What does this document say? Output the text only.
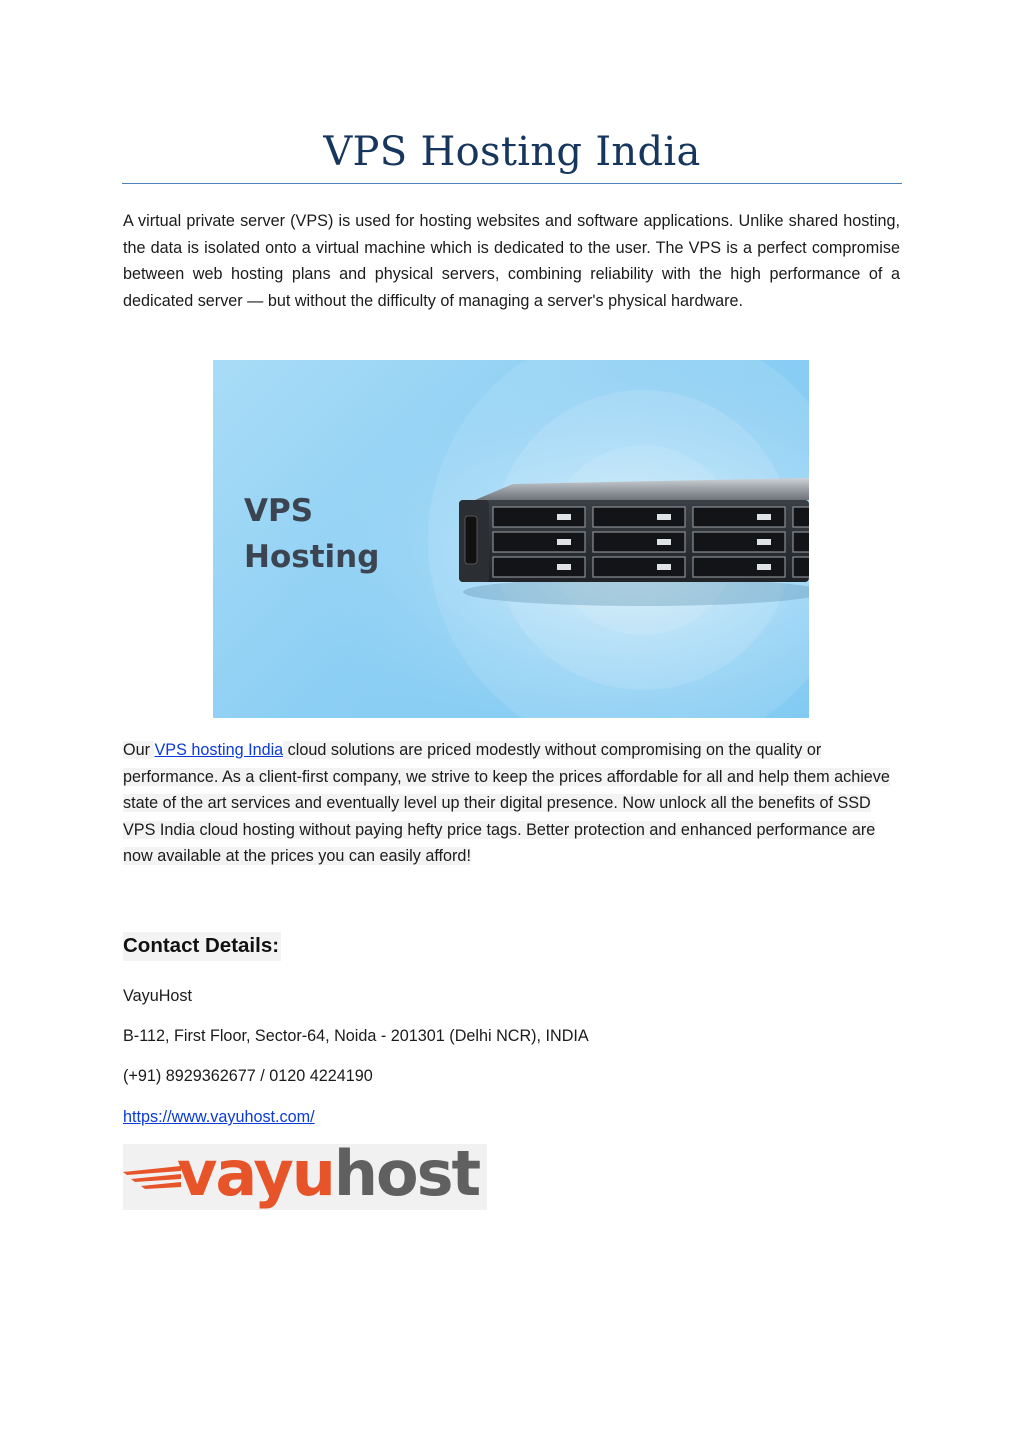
VPS Hosting India

A virtual private server (VPS) is used for hosting websites and software applications. Unlike shared hosting, the data is isolated onto a virtual machine which is dedicated to the user. The VPS is a perfect compromise between web hosting plans and physical servers, combining reliability with the high performance of a dedicated server — but without the difficulty of managing a server's physical hardware.

VPS
Hosting

Our VPS hosting India cloud solutions are priced modestly without compromising on the quality or performance. As a client-first company, we strive to keep the prices affordable for all and help them achieve state of the art services and eventually level up their digital presence. Now unlock all the benefits of SSD VPS India cloud hosting without paying hefty price tags. Better protection and enhanced performance are now available at the prices you can easily afford!

Contact Details:

VayuHost

B-112, First Floor, Sector-64, Noida - 201301 (Delhi NCR), INDIA

(+91) 8929362677 / 0120 4224190

https://www.vayuhost.com/

vayuhost
